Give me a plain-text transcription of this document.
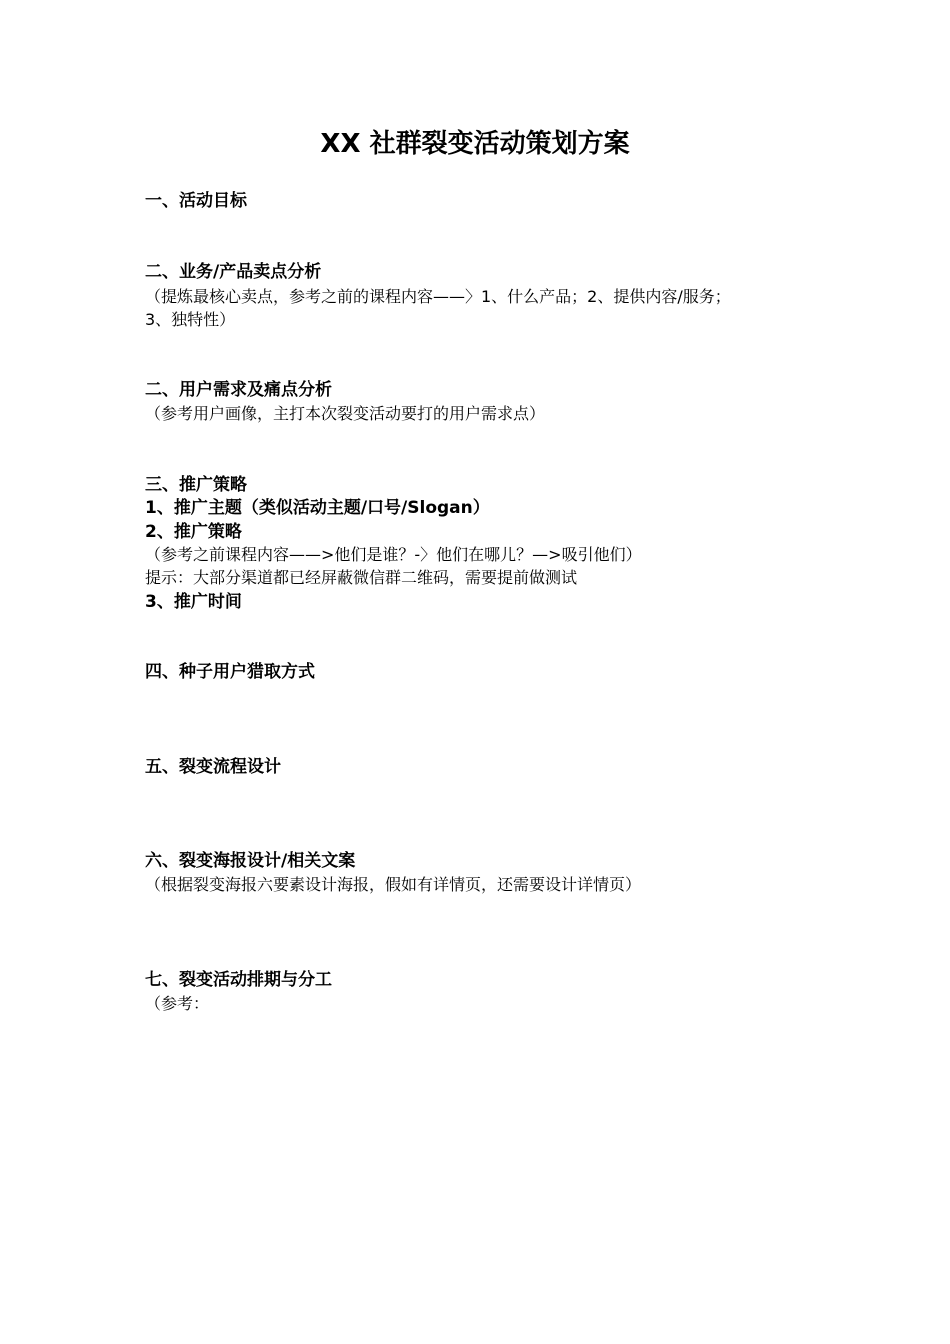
XX 社群裂变活动策划方案
一、活动目标
二、业务/产品卖点分析
（提炼最核心卖点，参考之前的课程内容——〉1、什么产品；2、提供内容/服务；
3、独特性）
二、用户需求及痛点分析
（参考用户画像，主打本次裂变活动要打的用户需求点）
三、推广策略
1、推广主题（类似活动主题/口号/Slogan）
2、推广策略
（参考之前课程内容——>他们是谁？-〉他们在哪儿？—>吸引他们）
提示：大部分渠道都已经屏蔽微信群二维码，需要提前做测试
3、推广时间
四、种子用户猎取方式
五、裂变流程设计
六、裂变海报设计/相关文案
（根据裂变海报六要素设计海报，假如有详情页，还需要设计详情页）
七、裂变活动排期与分工
（参考：
